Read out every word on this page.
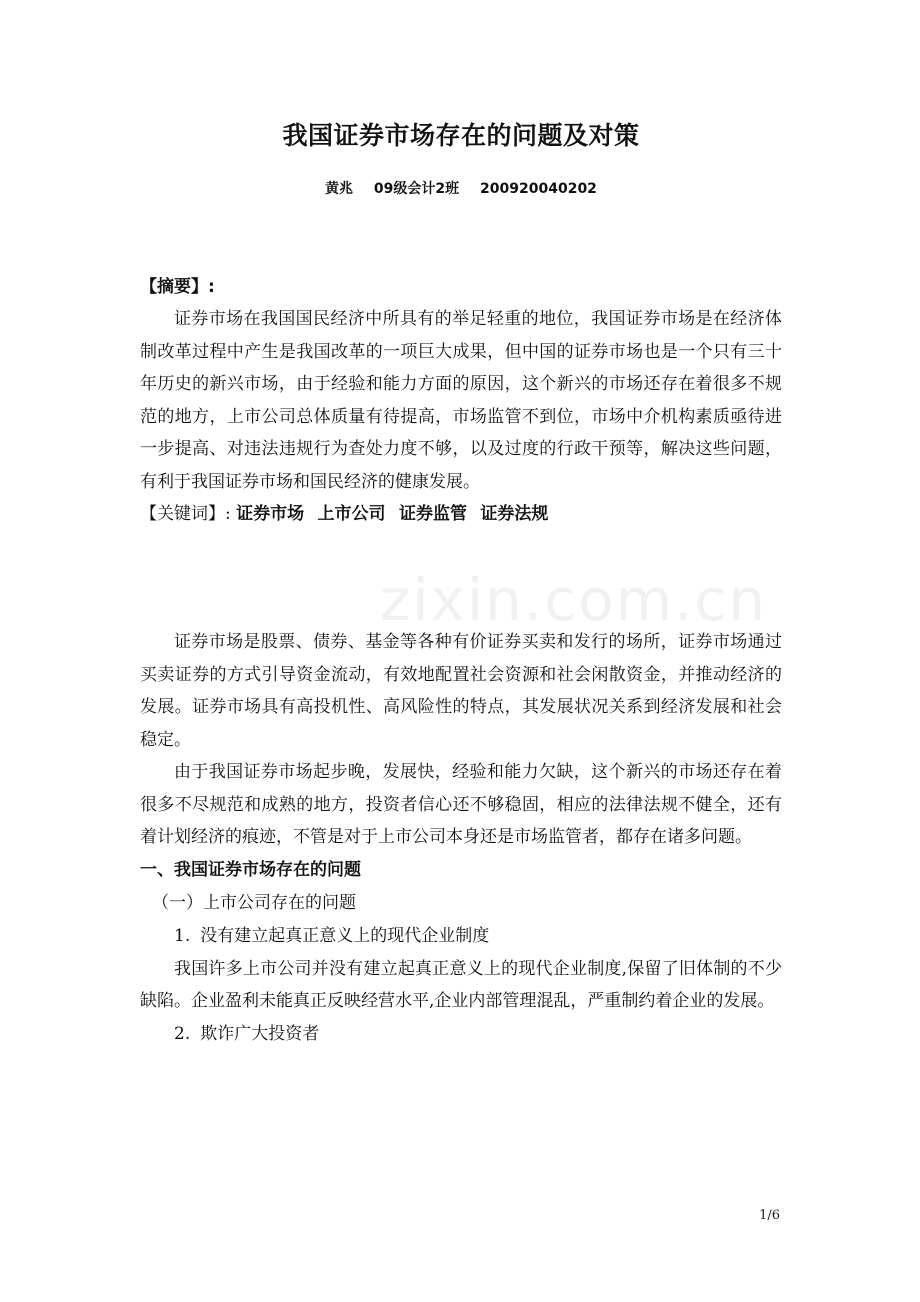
zixin.com.cn
我国证券市场存在的问题及对策
黄兆 09级会计2班 200920040202
【摘要】:

证券市场在我国国民经济中所具有的举足轻重的地位，我国证券市场是在经济体制改革过程中产生是我国改革的一项巨大成果，但中国的证券市场也是一个只有三十年历史的新兴市场，由于经验和能力方面的原因，这个新兴的市场还存在着很多不规范的地方，上市公司总体质量有待提高，市场监管不到位，市场中介机构素质亟待进一步提高、对违法违规行为查处力度不够，以及过度的行政干预等，解决这些问题，有利于我国证券市场和国民经济的健康发展。

【关键词】: 证券市场 上市公司 证券监管 证券法规

证券市场是股票、债券、基金等各种有价证券买卖和发行的场所，证券市场通过买卖证券的方式引导资金流动，有效地配置社会资源和社会闲散资金，并推动经济的发展。证券市场具有高投机性、高风险性的特点，其发展状况关系到经济发展和社会稳定。

由于我国证券市场起步晚，发展快，经验和能力欠缺，这个新兴的市场还存在着很多不尽规范和成熟的地方，投资者信心还不够稳固，相应的法律法规不健全，还有着计划经济的痕迹，不管是对于上市公司本身还是市场监管者，都存在诸多问题。

一、我国证券市场存在的问题
（一）上市公司存在的问题
1. 没有建立起真正意义上的现代企业制度

我国许多上市公司并没有建立起真正意义上的现代企业制度,保留了旧体制的不少缺陷。企业盈利未能真正反映经营水平,企业内部管理混乱，严重制约着企业的发展。

2. 欺诈广大投资者
1/6
